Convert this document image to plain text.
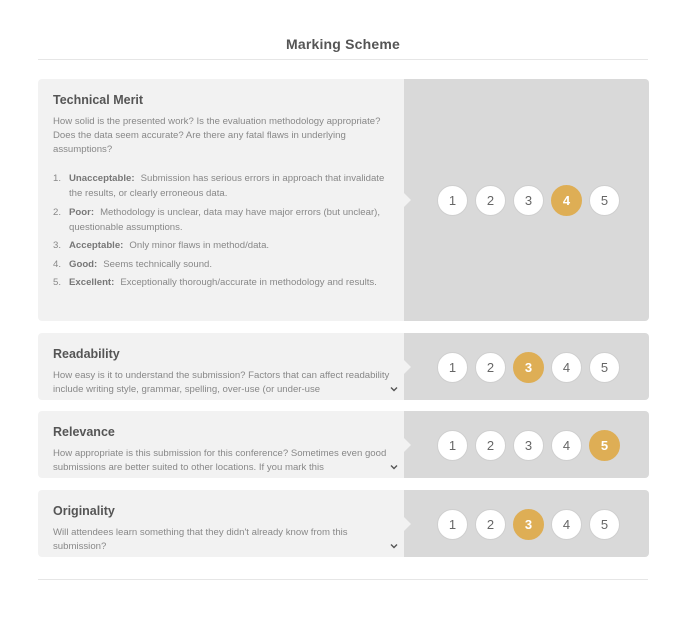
Marking Scheme
Technical Merit

How solid is the presented work? Is the evaluation methodology appropriate? Does the data seem accurate? Are there any fatal flaws in underlying assumptions?

1. Unacceptable: Submission has serious errors in approach that invalidate the results, or clearly erroneous data.
2. Poor: Methodology is unclear, data may have major errors (but unclear), questionable assumptions.
3. Acceptable: Only minor flaws in method/data.
4. Good: Seems technically sound.
5. Excellent: Exceptionally thorough/accurate in methodology and results.
1	2	3	4	5
Readability

How easy is it to understand the submission? Factors that can affect readability include writing style, grammar, spelling, over-use (or under-use

1	2	3	4	5
Relevance

How appropriate is this submission for this conference? Sometimes even good submissions are better suited to other locations. If you mark this

1	2	3	4	5
Originality

Will attendees learn something that they didn't already know from this submission?

1	2	3	4	5
